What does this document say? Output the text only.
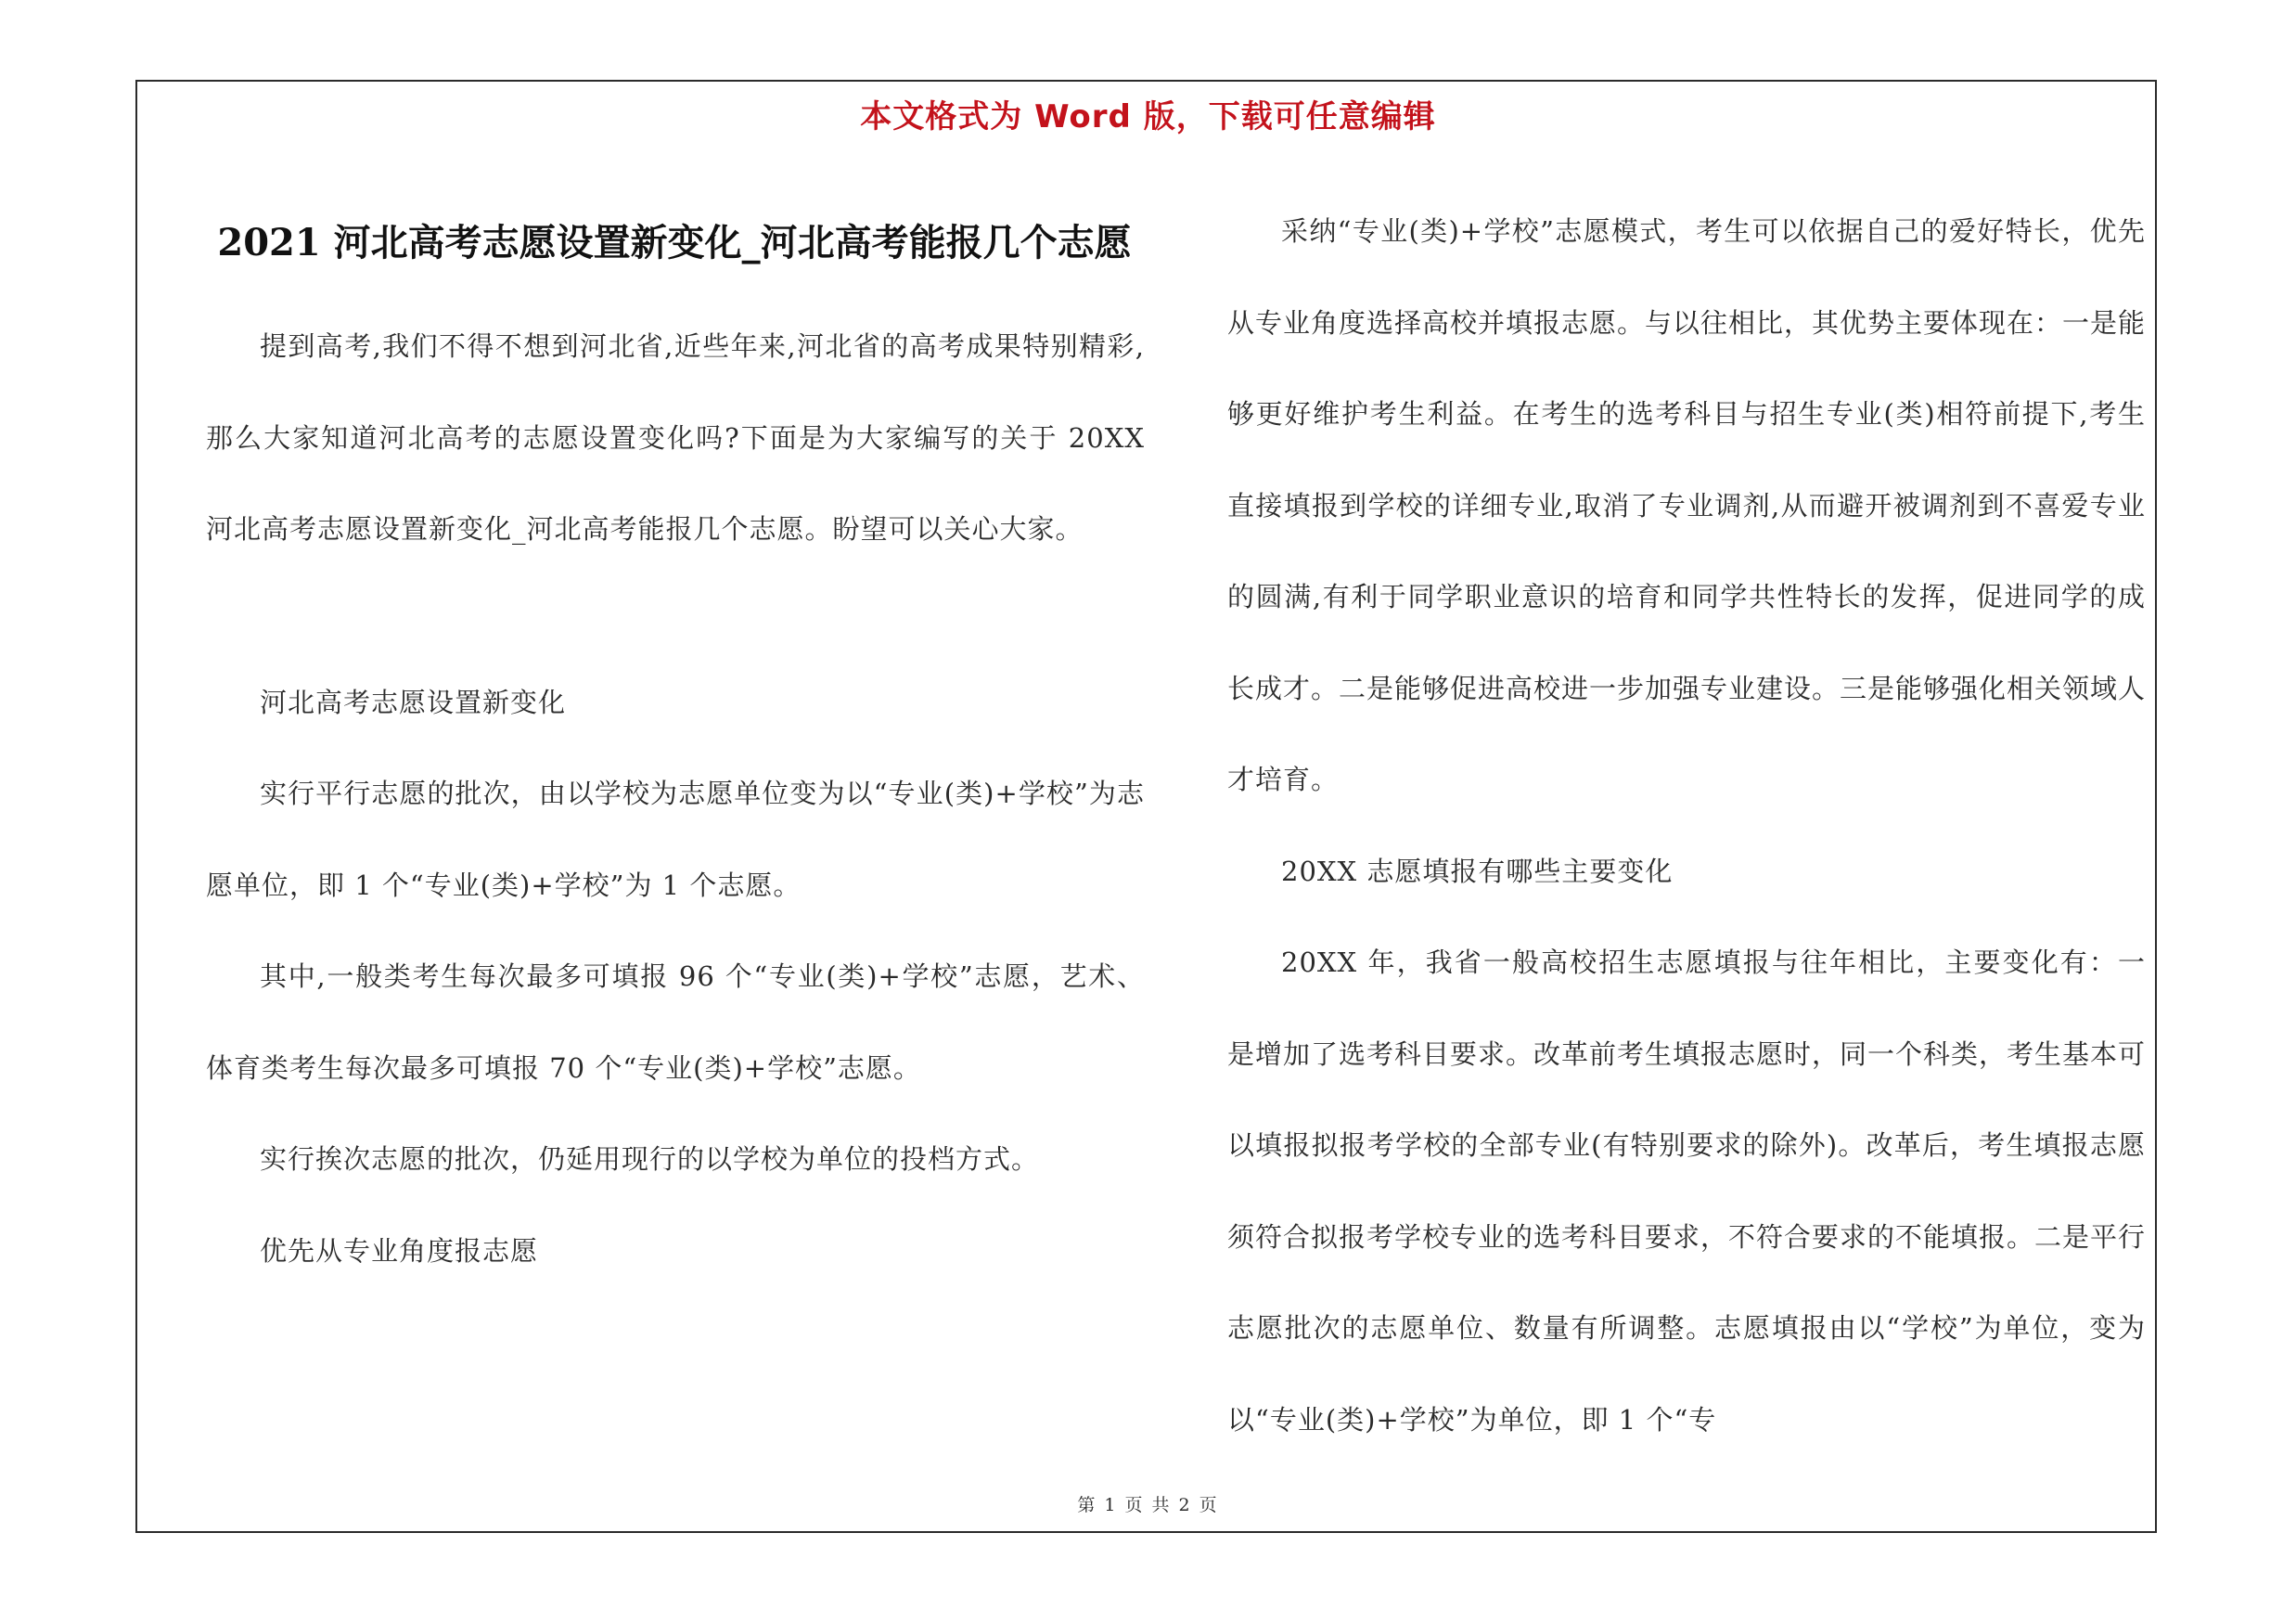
本文格式为 Word 版，下载可任意编辑
2021 河北高考志愿设置新变化_河北高考能报几个志愿

提到高考,我们不得不想到河北省,近些年来,河北省的高考成果特别精彩,那么大家知道河北高考的志愿设置变化吗?下面是为大家编写的关于 20XX 河北高考志愿设置新变化_河北高考能报几个志愿。盼望可以关心大家。

河北高考志愿设置新变化

实行平行志愿的批次，由以学校为志愿单位变为以“专业(类)+学校”为志愿单位，即 1 个“专业(类)+学校”为 1 个志愿。

其中,一般类考生每次最多可填报 96 个“专业(类)+学校”志愿，艺术、体育类考生每次最多可填报 70 个“专业(类)+学校”志愿。

实行挨次志愿的批次，仍延用现行的以学校为单位的投档方式。

优先从专业角度报志愿

采纳“专业(类)+学校”志愿模式，考生可以依据自己的爱好特长，优先从专业角度选择高校并填报志愿。与以往相比，其优势主要体现在：一是能够更好维护考生利益。在考生的选考科目与招生专业(类)相符前提下,考生直接填报到学校的详细专业,取消了专业调剂,从而避开被调剂到不喜爱专业的圆满,有利于同学职业意识的培育和同学共性特长的发挥，促进同学的成长成才。二是能够促进高校进一步加强专业建设。三是能够强化相关领域人才培育。

20XX 志愿填报有哪些主要变化

20XX 年，我省一般高校招生志愿填报与往年相比，主要变化有：一是增加了选考科目要求。改革前考生填报志愿时，同一个科类，考生基本可以填报拟报考学校的全部专业(有特别要求的除外)。改革后，考生填报志愿须符合拟报考学校专业的选考科目要求，不符合要求的不能填报。二是平行志愿批次的志愿单位、数量有所调整。志愿填报由以“学校”为单位，变为以“专业(类)+学校”为单位，即 1 个“专

第 1 页 共 2 页
